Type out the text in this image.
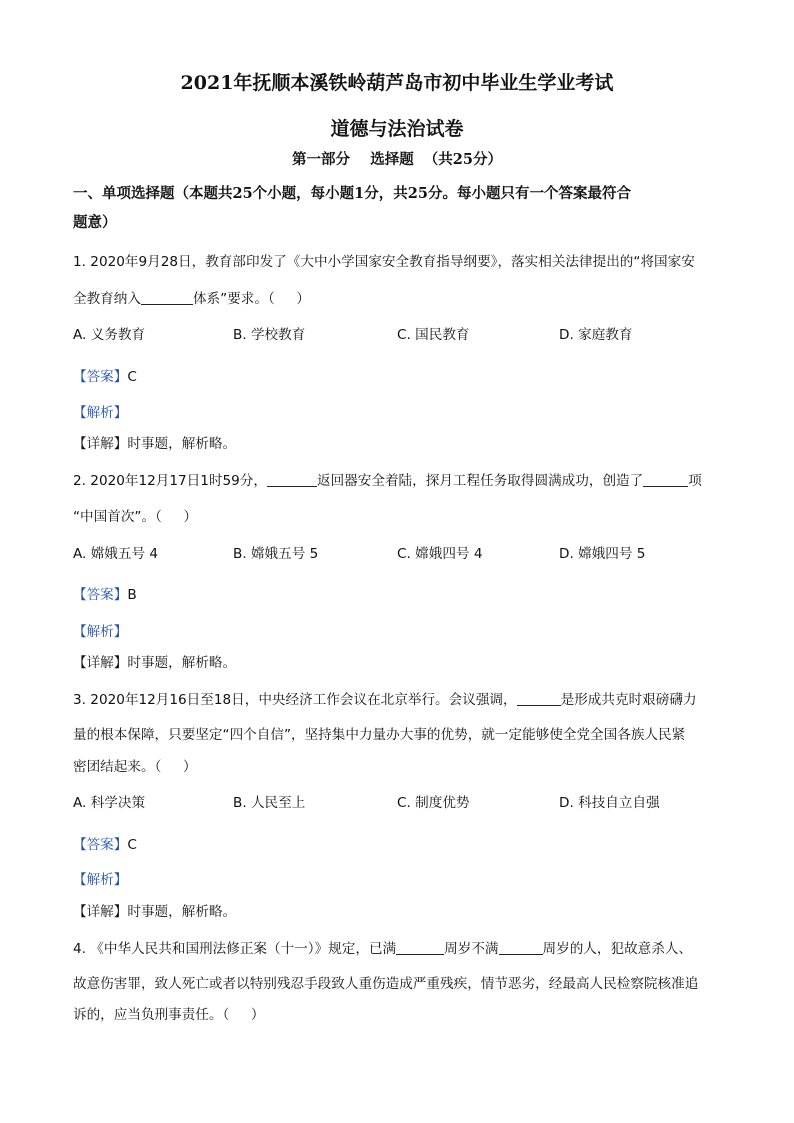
2021年抚顺本溪铁岭葫芦岛市初中毕业生学业考试
道德与法治试卷
第一部分    选择题  （共25分）
一、单项选择题（本题共25个小题，每小题1分，共25分。每小题只有一个答案最符合
题意）
1. 2020年9月28日，教育部印发了《大中小学国家安全教育指导纲要》，落实相关法律提出的“将国家安
全教育纳入	体系”要求。（     ）
A. 义务教育	B. 学校教育	C. 国民教育	D. 家庭教育
【答案】C
【解析】
【详解】时事题，解析略。
2. 2020年12月17日1时59分，	返回器安全着陆，探月工程任务取得圆满成功，创造了	项
“中国首次”。（     ）
A. 嫦娥五号 4	B. 嫦娥五号 5	C. 嫦娥四号 4	D. 嫦娥四号 5
【答案】B
【解析】
【详解】时事题，解析略。
3. 2020年12月16日至18日，中央经济工作会议在北京举行。会议强调，	是形成共克时艰磅礴力
量的根本保障，只要坚定“四个自信”，坚持集中力量办大事的优势，就一定能够使全党全国各族人民紧
密团结起来。（     ）
A. 科学决策	B. 人民至上	C. 制度优势	D. 科技自立自强
【答案】C
【解析】
【详解】时事题，解析略。
4. 《中华人民共和国刑法修正案（十一）》规定，已满	周岁不满	周岁的人，犯故意杀人、
故意伤害罪，致人死亡或者以特别残忍手段致人重伤造成严重残疾，情节恶劣，经最高人民检察院核准追
诉的，应当负刑事责任。（     ）
